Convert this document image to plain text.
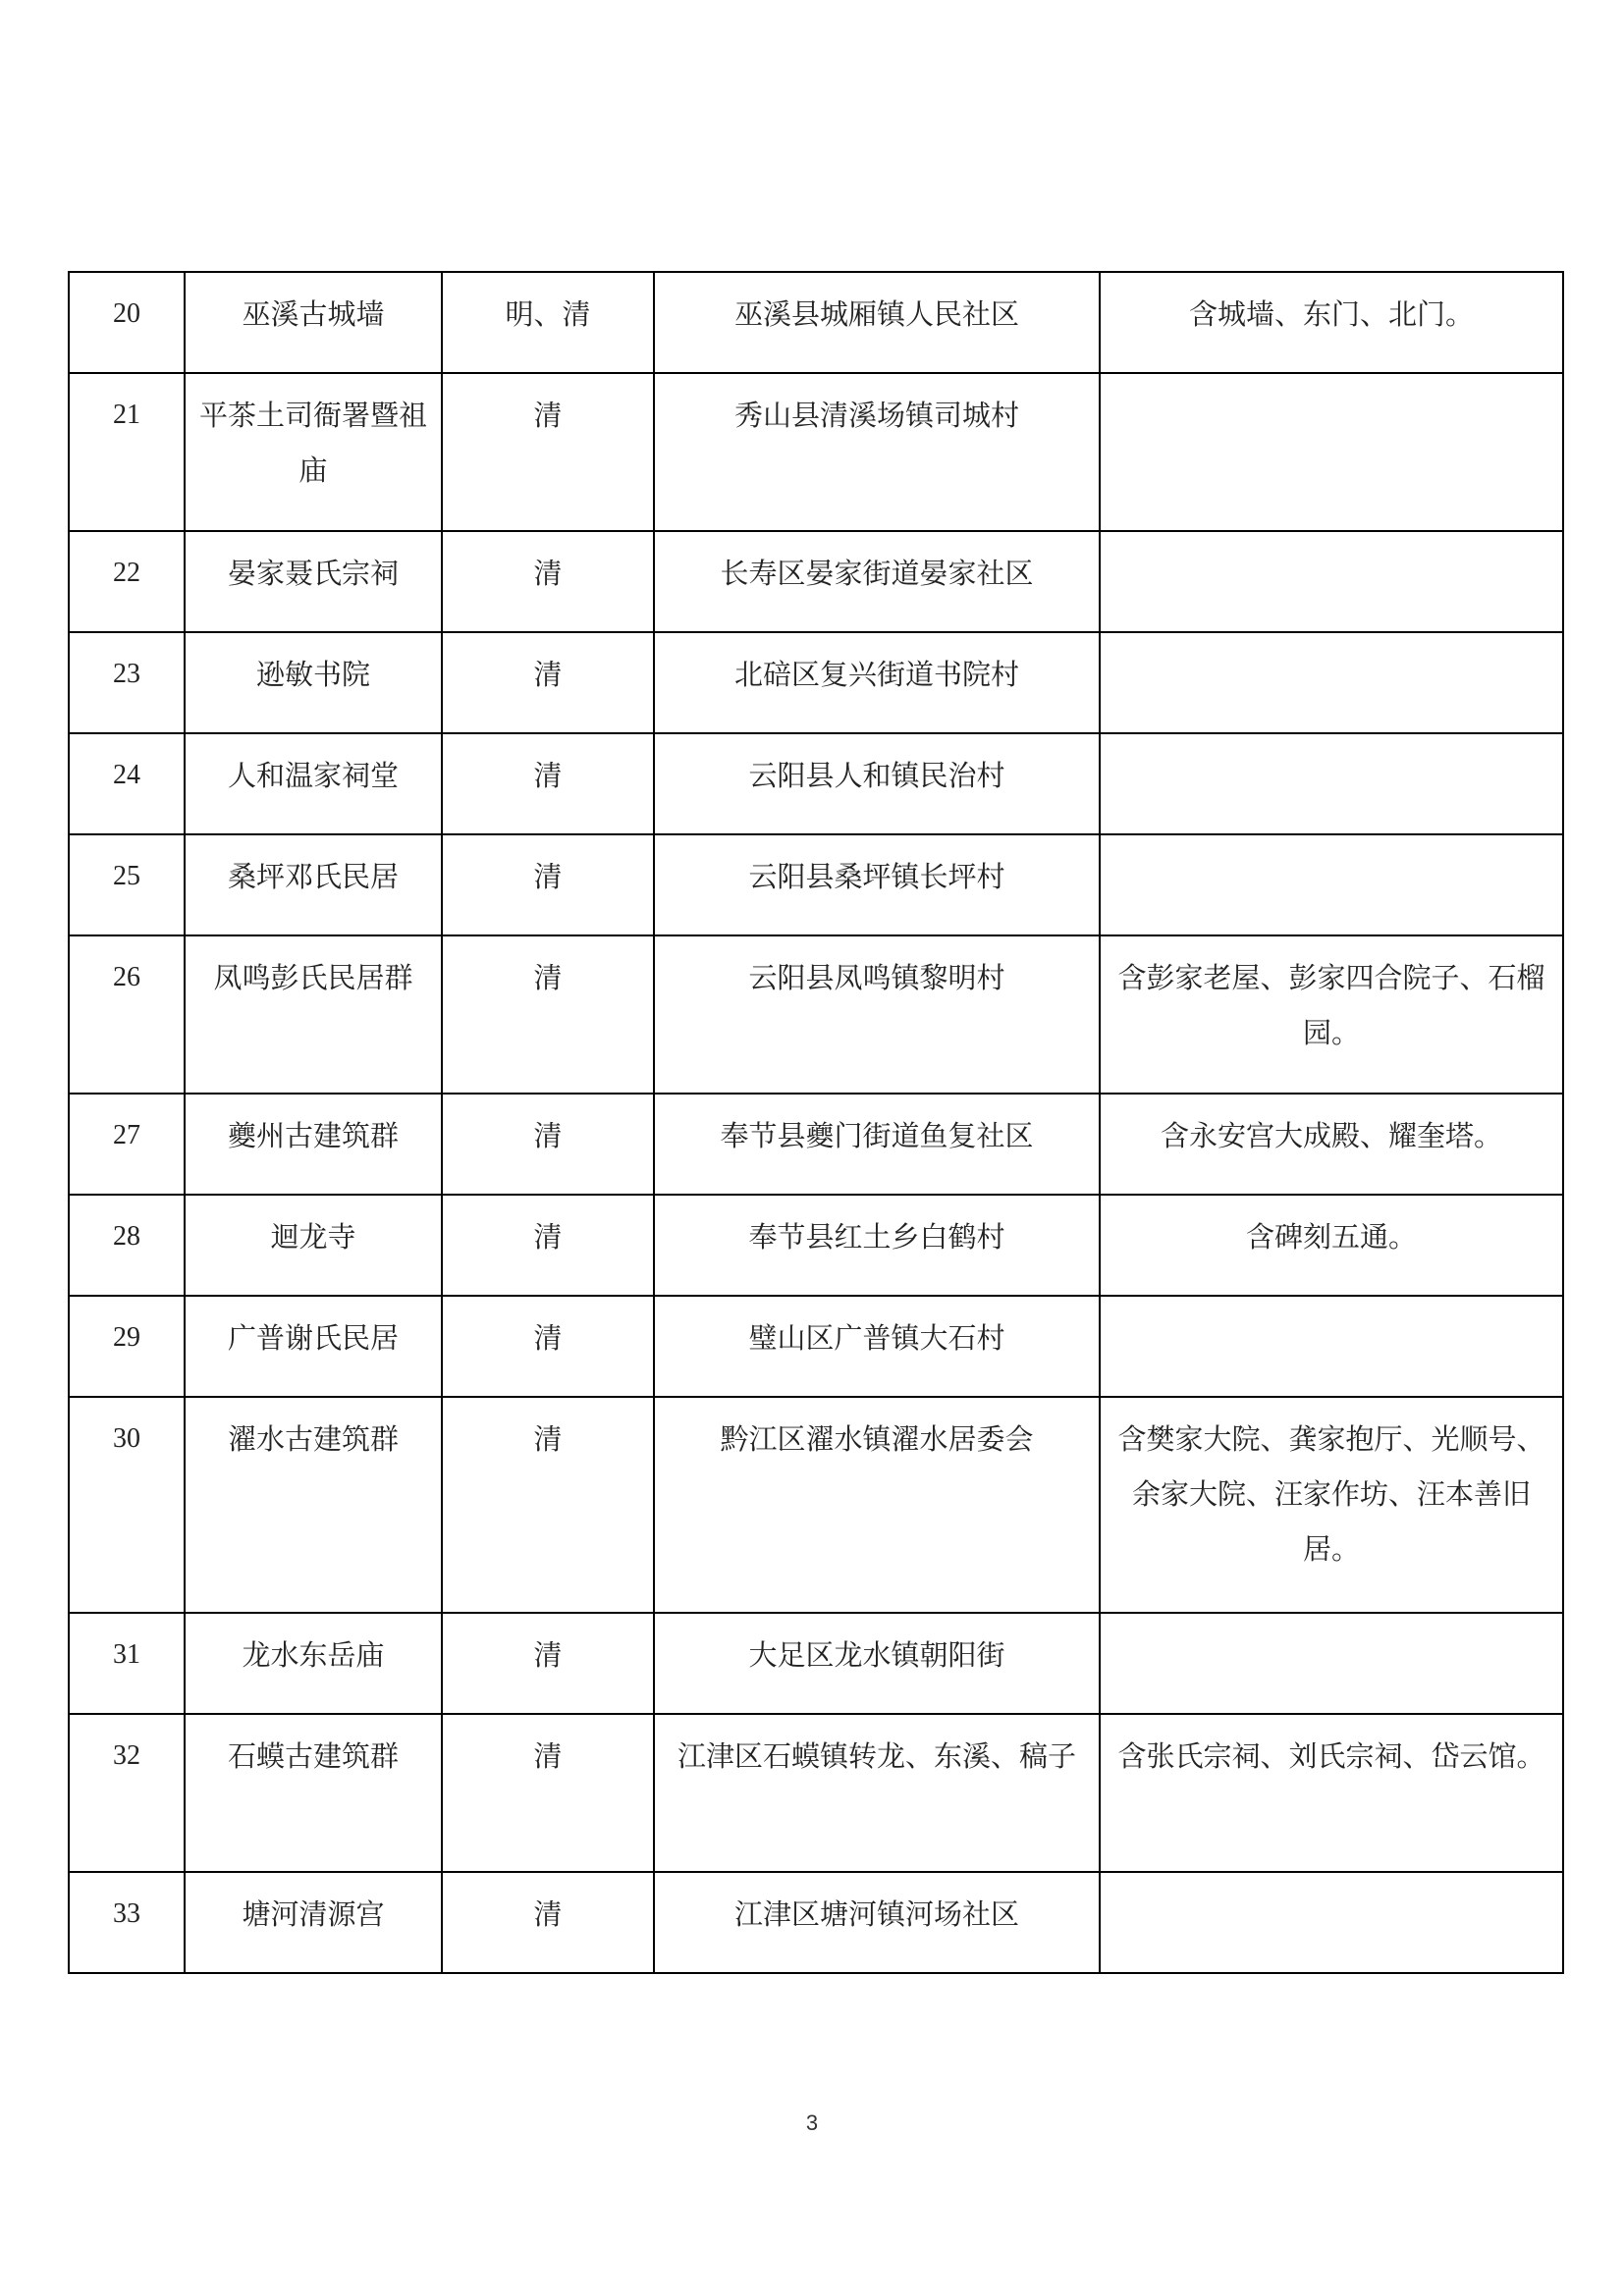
20	巫溪古城墙	明、清	巫溪县城厢镇人民社区	含城墙、东门、北门。
21	平茶土司衙署暨祖庙	清	秀山县清溪场镇司城村	
22	晏家聂氏宗祠	清	长寿区晏家街道晏家社区	
23	逊敏书院	清	北碚区复兴街道书院村	
24	人和温家祠堂	清	云阳县人和镇民治村	
25	桑坪邓氏民居	清	云阳县桑坪镇长坪村	
26	凤鸣彭氏民居群	清	云阳县凤鸣镇黎明村	含彭家老屋、彭家四合院子、石榴园。
27	夔州古建筑群	清	奉节县夔门街道鱼复社区	含永安宫大成殿、耀奎塔。
28	迴龙寺	清	奉节县红土乡白鹤村	含碑刻五通。
29	广普谢氏民居	清	璧山区广普镇大石村	
30	濯水古建筑群	清	黔江区濯水镇濯水居委会	含樊家大院、龚家抱厅、光顺号、余家大院、汪家作坊、汪本善旧居。
31	龙水东岳庙	清	大足区龙水镇朝阳街	
32	石蟆古建筑群	清	江津区石蟆镇转龙、东溪、稿子	含张氏宗祠、刘氏宗祠、岱云馆。
33	塘河清源宫	清	江津区塘河镇河场社区	
3
